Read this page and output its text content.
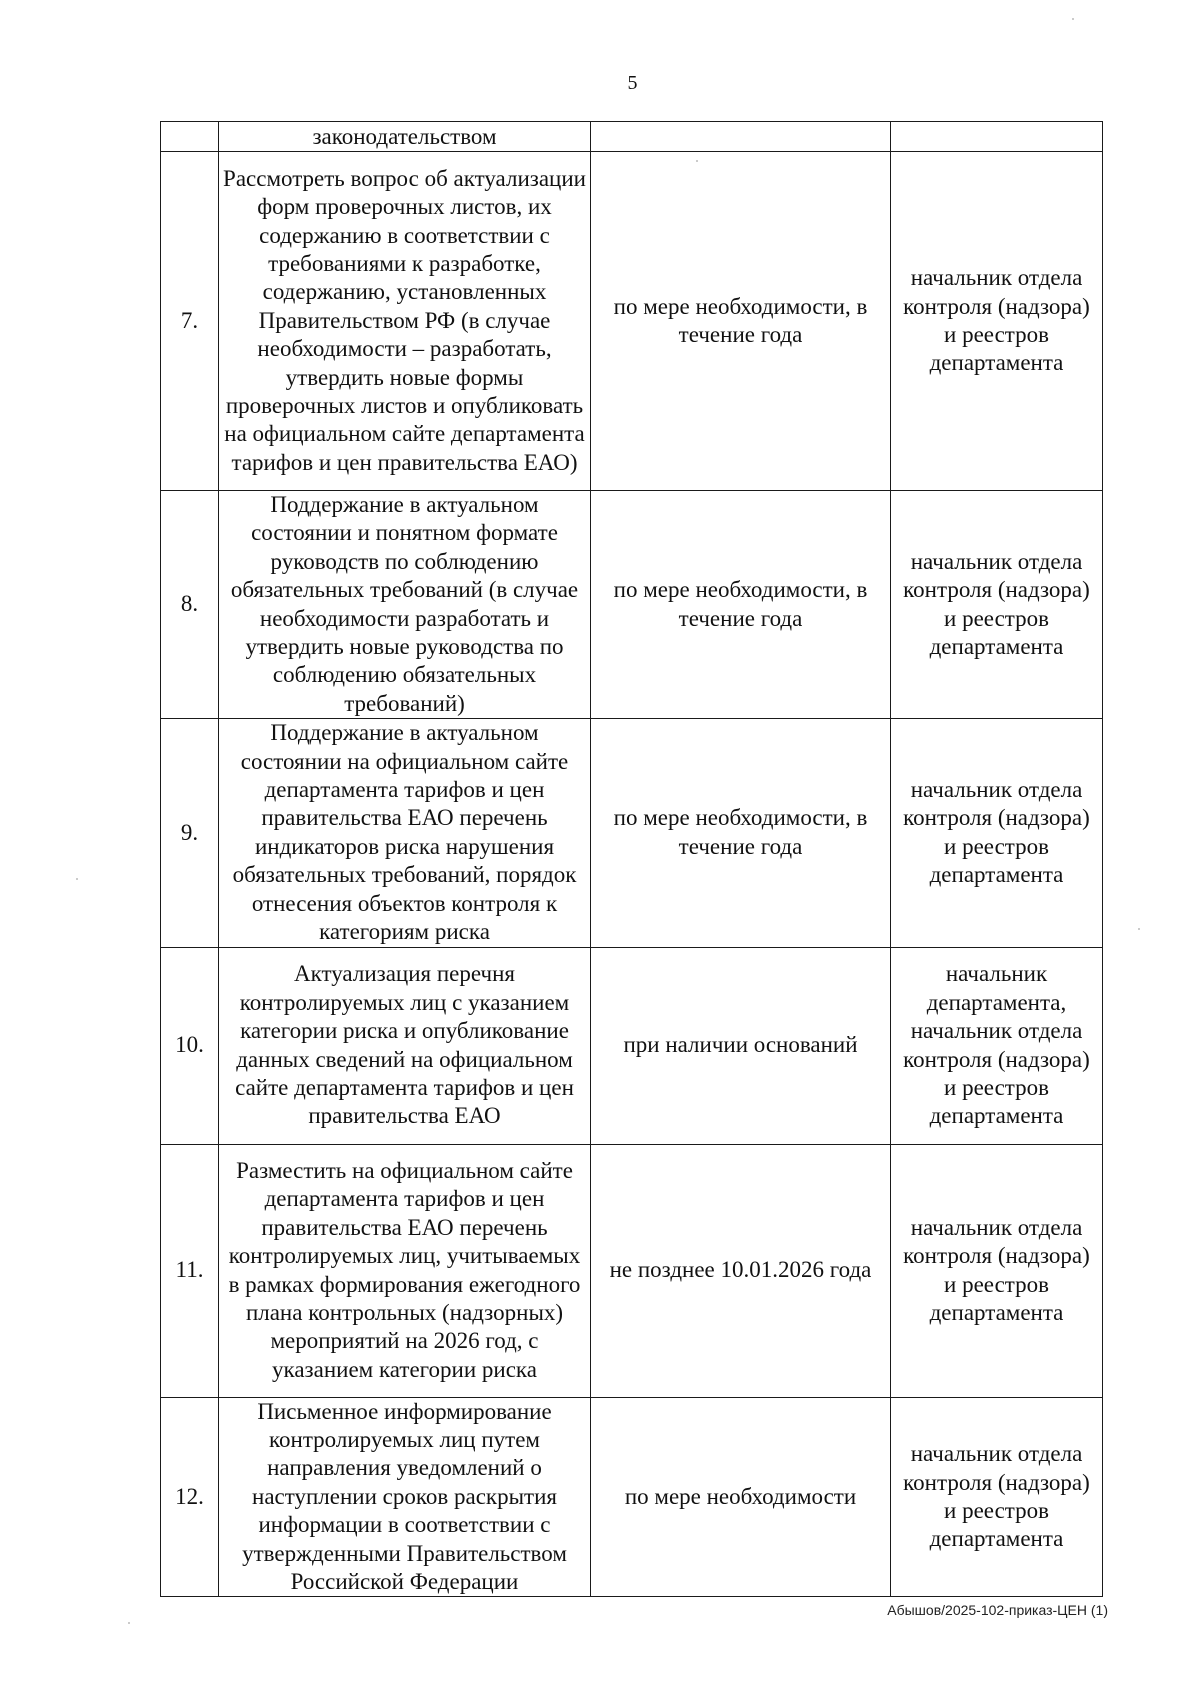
5
	законодательством		
7.	Рассмотреть вопрос об актуализации форм проверочных листов, их содержанию в соответствии с требованиями к разработке, содержанию, установленных Правительством РФ (в случае необходимости – разработать, утвердить новые формы проверочных листов и опубликовать на официальном сайте департамента тарифов и цен правительства ЕАО)	по мере необходимости, в течение года	начальник отдела контроля (надзора) и реестров департамента
8.	Поддержание в актуальном состоянии и понятном формате руководств по соблюдению обязательных требований (в случае необходимости разработать и утвердить новые руководства по соблюдению обязательных требований)	по мере необходимости, в течение года	начальник отдела контроля (надзора) и реестров департамента
9.	Поддержание в актуальном состоянии на официальном сайте департамента тарифов и цен правительства ЕАО перечень индикаторов риска нарушения обязательных требований, порядок отнесения объектов контроля к категориям риска	по мере необходимости, в течение года	начальник отдела контроля (надзора) и реестров департамента
10.	Актуализация перечня контролируемых лиц с указанием категории риска и опубликование данных сведений на официальном сайте департамента тарифов и цен правительства ЕАО	при наличии оснований	начальник департамента, начальник отдела контроля (надзора) и реестров департамента
11.	Разместить на официальном сайте департамента тарифов и цен правительства ЕАО перечень контролируемых лиц, учитываемых в рамках формирования ежегодного плана контрольных (надзорных) мероприятий на 2026 год, с указанием категории риска	не позднее 10.01.2026 года	начальник отдела контроля (надзора) и реестров департамента
12.	Письменное информирование контролируемых лиц путем направления уведомлений о наступлении сроков раскрытия информации в соответствии с утвержденными Правительством Российской Федерации	по мере необходимости	начальник отдела контроля (надзора) и реестров департамента
Абышов/2025-102-приказ-ЦЕН (1)
